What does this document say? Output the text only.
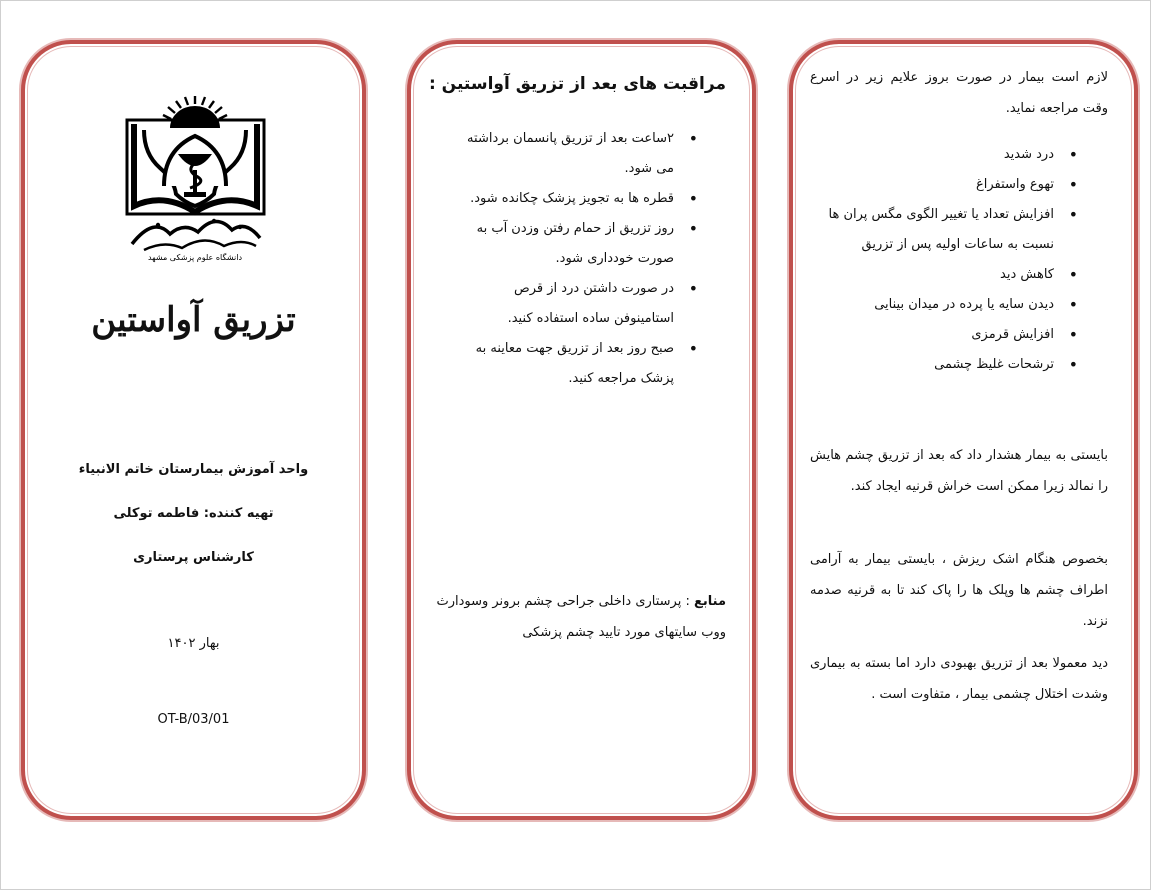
دانشگاه علوم پزشکی مشهد
تزریق آواستین
واحد آموزش بیمارستان خاتم الانبیاء
تهیه کننده: فاطمه توکلی
کارشناس پرستاری
بهار ۱۴۰۲
OT-B/03/01
مراقبت های بعد از تزریق آواستین :
• ۲ساعت بعد از تزریق پانسمان برداشته می شود.
• قطره ها به تجویز پزشک چکانده شود.
• روز تزریق از حمام رفتن وزدن آب به صورت خودداری شود.
• در صورت داشتن درد از قرص استامینوفن ساده استفاده کنید.
• صبح روز بعد از تزریق جهت معاینه به پزشک مراجعه کنید.
منابع : پرستاری داخلی جراحی چشم برونر وسودارث ووب سایتهای مورد تایید چشم پزشکی
لازم است بیمار در صورت بروز علایم زیر در اسرع وقت مراجعه نماید.
• درد شدید
• تهوع واستفراغ
• افزایش تعداد یا تغییر الگوی مگس پران ها نسبت به ساعات اولیه پس از تزریق
• کاهش دید
• دیدن سایه یا پرده در میدان بینایی
• افزایش قرمزی
• ترشحات غلیظ چشمی
بایستی به بیمار هشدار داد که بعد از تزریق چشم هایش را نمالد زیرا ممکن است خراش قرنیه ایجاد کند.
بخصوص هنگام اشک ریزش ، بایستی بیمار به آرامی اطراف چشم ها وپلک ها را پاک کند تا به قرنیه صدمه نزند.
دید معمولا بعد از تزریق بهبودی دارد اما بسته به بیماری وشدت اختلال چشمی بیمار ، متفاوت است .
